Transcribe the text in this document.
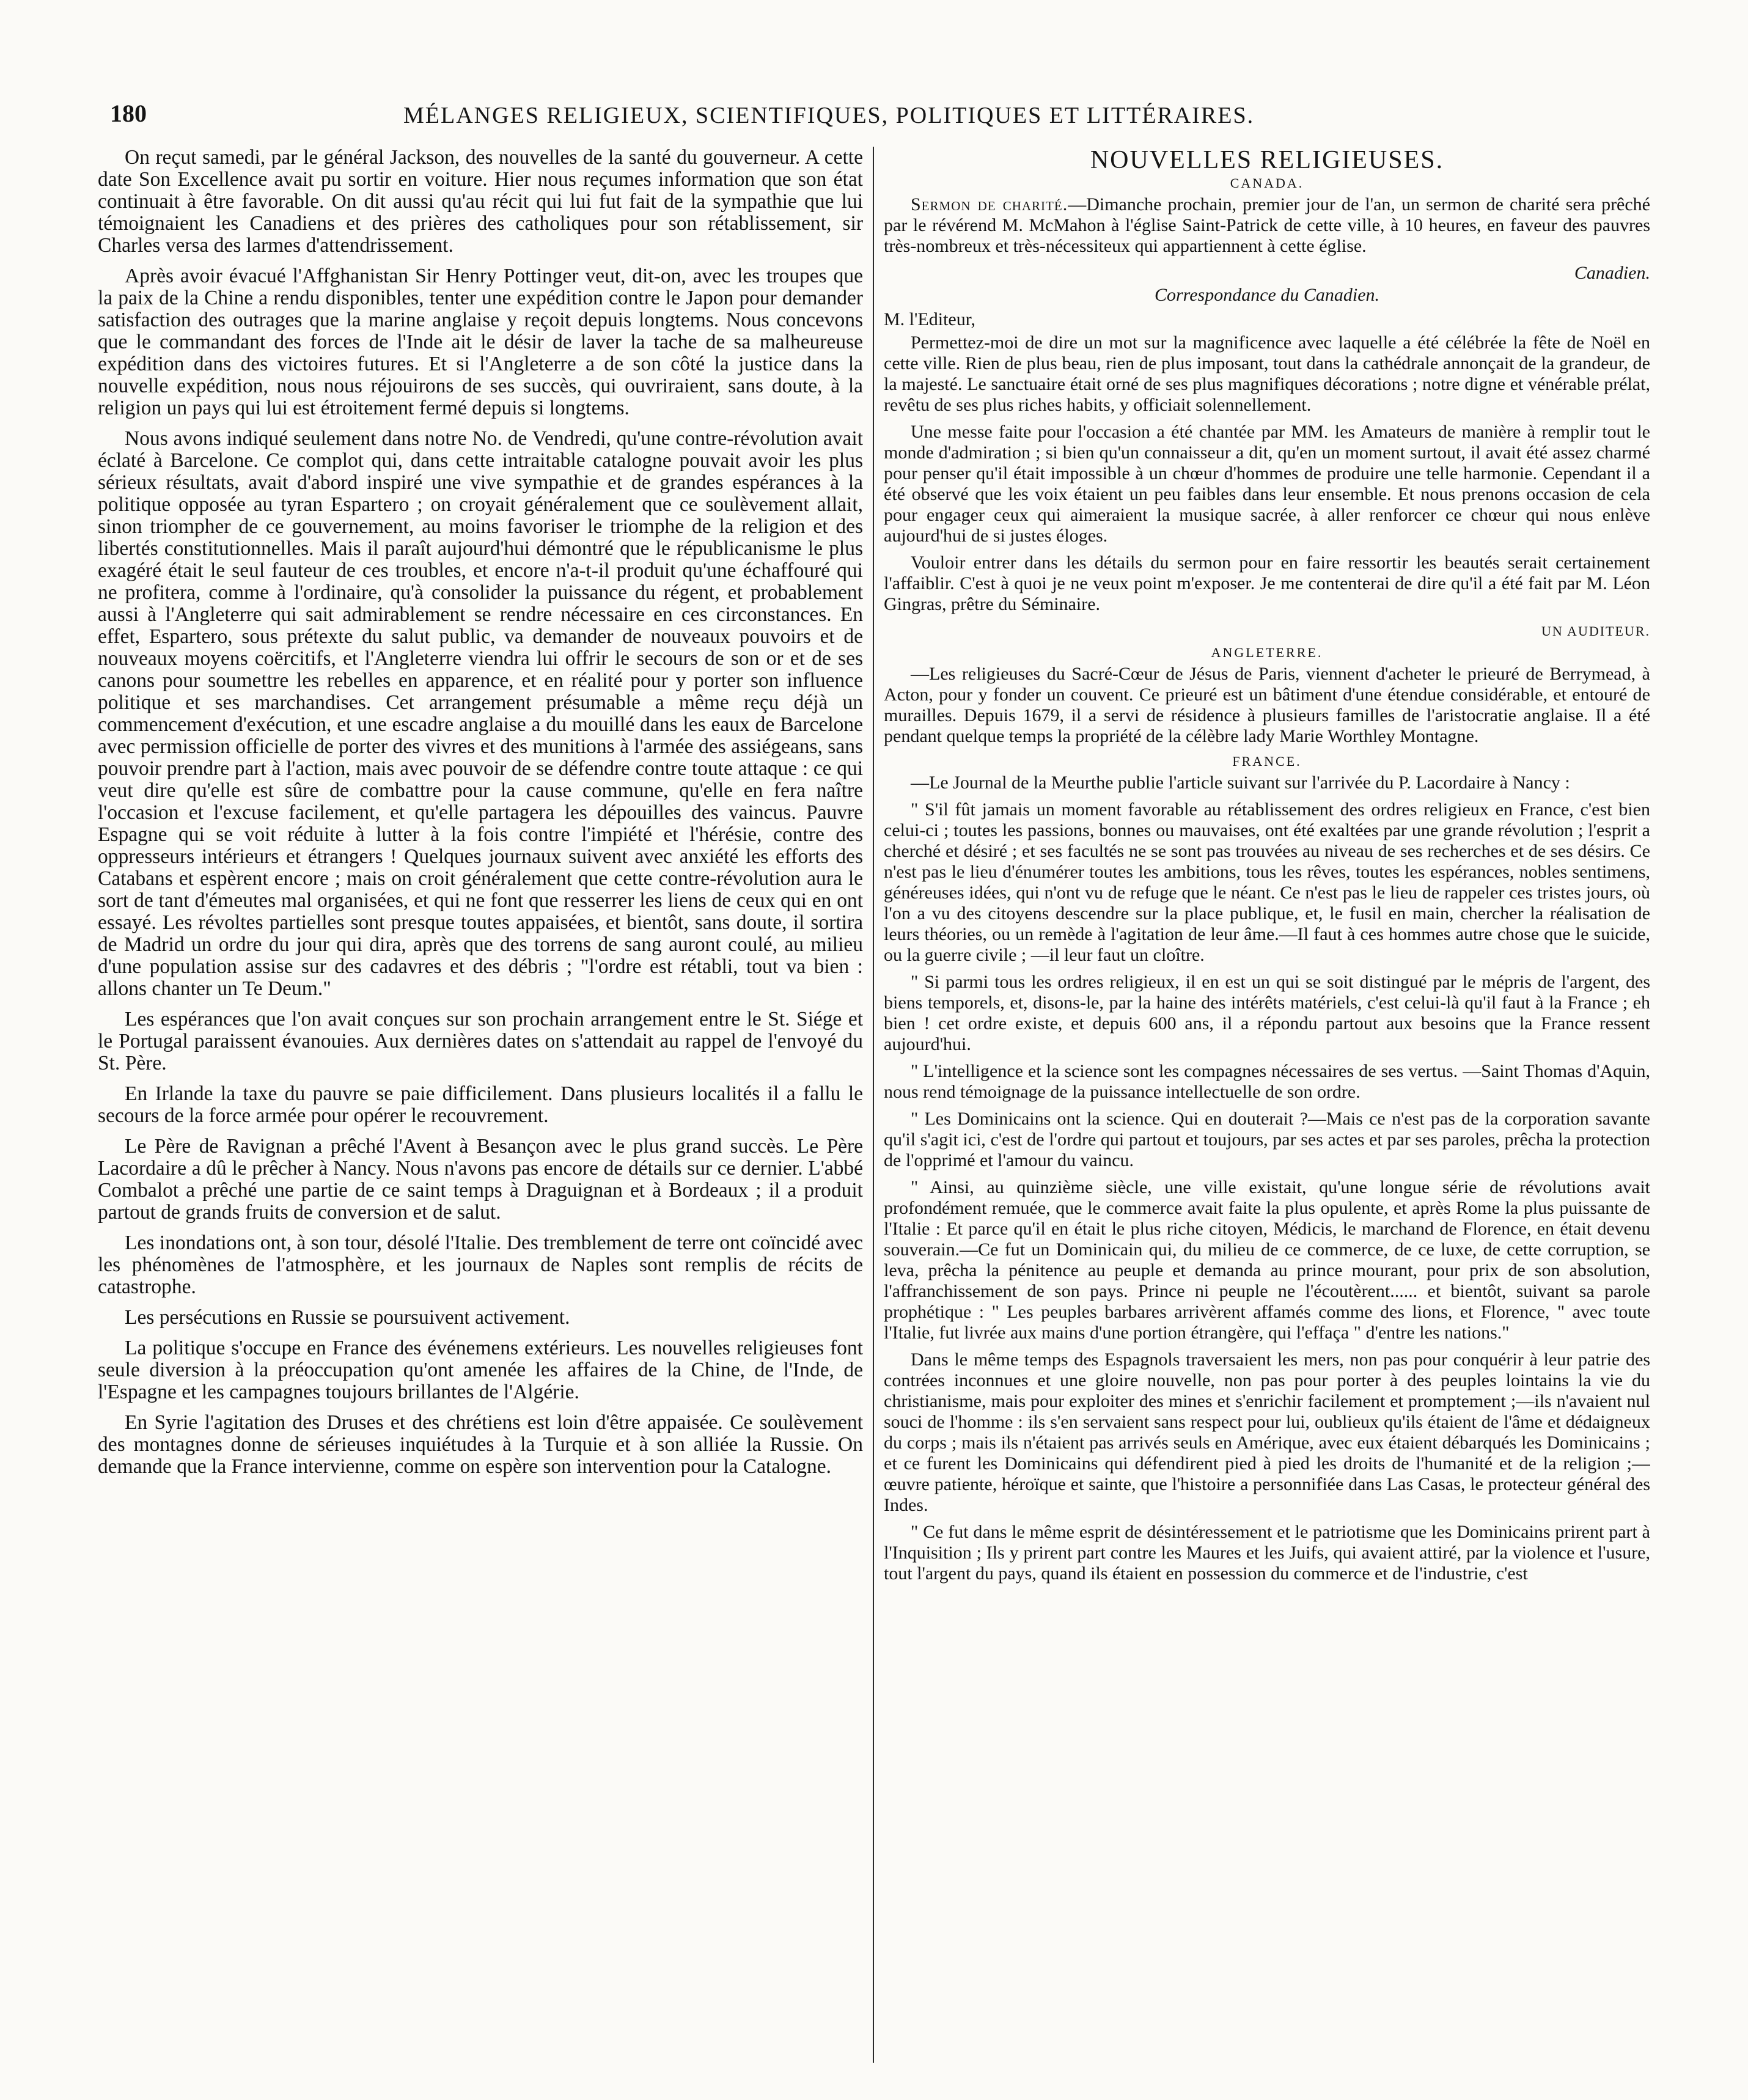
180	MÉLANGES RELIGIEUX, SCIENTIFIQUES, POLITIQUES ET LITTÉRAIRES.

On reçut samedi, par le général Jackson, des nouvelles de la santé du gouverneur. A cette date Son Excellence avait pu sortir en voiture. Hier nous reçumes information que son état continuait à être favorable. On dit aussi qu'au récit qui lui fut fait de la sympathie que lui témoignaient les Canadiens et des prières des catholiques pour son rétablissement, sir Charles versa des larmes d'attendrissement.

Après avoir évacué l'Affghanistan Sir Henry Pottinger veut, dit-on, avec les troupes que la paix de la Chine a rendu disponibles, tenter une expédition contre le Japon pour demander satisfaction des outrages que la marine anglaise y reçoit depuis longtems. Nous concevons que le commandant des forces de l'Inde ait le désir de laver la tache de sa malheureuse expédition dans des victoires futures. Et si l'Angleterre a de son côté la justice dans la nouvelle expédition, nous nous réjouirons de ses succès, qui ouvriraient, sans doute, à la religion un pays qui lui est étroitement fermé depuis si longtems.

Nous avons indiqué seulement dans notre No. de Vendredi, qu'une contre-révolution avait éclaté à Barcelone. Ce complot qui, dans cette intraitable catalogne pouvait avoir les plus sérieux résultats, avait d'abord inspiré une vive sympathie et de grandes espérances à la politique opposée au tyran Espartero ; on croyait généralement que ce soulèvement allait, sinon triompher de ce gouvernement, au moins favoriser le triomphe de la religion et des libertés constitutionnelles. Mais il paraît aujourd'hui démontré que le républicanisme le plus exagéré était le seul fauteur de ces troubles, et encore n'a-t-il produit qu'une échaffouré qui ne profitera, comme à l'ordinaire, qu'à consolider la puissance du régent, et probablement aussi à l'Angleterre qui sait admirablement se rendre nécessaire en ces circonstances. En effet, Espartero, sous prétexte du salut public, va demander de nouveaux pouvoirs et de nouveaux moyens coërcitifs, et l'Angleterre viendra lui offrir le secours de son or et de ses canons pour soumettre les rebelles en apparence, et en réalité pour y porter son influence politique et ses marchandises. Cet arrangement présumable a même reçu déjà un commencement d'exécution, et une escadre anglaise a du mouillé dans les eaux de Barcelone avec permission officielle de porter des vivres et des munitions à l'armée des assiégeans, sans pouvoir prendre part à l'action, mais avec pouvoir de se défendre contre toute attaque : ce qui veut dire qu'elle est sûre de combattre pour la cause commune, qu'elle en fera naître l'occasion et l'excuse facilement, et qu'elle partagera les dépouilles des vaincus. Pauvre Espagne qui se voit réduite à lutter à la fois contre l'impiété et l'hérésie, contre des oppresseurs intérieurs et étrangers ! Quelques journaux suivent avec anxiété les efforts des Catabans et espèrent encore ; mais on croit généralement que cette contre-révolution aura le sort de tant d'émeutes mal organisées, et qui ne font que resserrer les liens de ceux qui en ont essayé. Les révoltes partielles sont presque toutes appaisées, et bientôt, sans doute, il sortira de Madrid un ordre du jour qui dira, après que des torrens de sang auront coulé, au milieu d'une population assise sur des cadavres et des débris ; "l'ordre est rétabli, tout va bien : allons chanter un Te Deum."

Les espérances que l'on avait conçues sur son prochain arrangement entre le St. Siége et le Portugal paraissent évanouies. Aux dernières dates on s'attendait au rappel de l'envoyé du St. Père.

En Irlande la taxe du pauvre se paie difficilement. Dans plusieurs localités il a fallu le secours de la force armée pour opérer le recouvrement.

Le Père de Ravignan a prêché l'Avent à Besançon avec le plus grand succès. Le Père Lacordaire a dû le prêcher à Nancy. Nous n'avons pas encore de détails sur ce dernier. L'abbé Combalot a prêché une partie de ce saint temps à Draguignan et à Bordeaux ; il a produit partout de grands fruits de conversion et de salut.

Les inondations ont, à son tour, désolé l'Italie. Des tremblement de terre ont coïncidé avec les phénomènes de l'atmosphère, et les journaux de Naples sont remplis de récits de catastrophe.

Les persécutions en Russie se poursuivent activement.

La politique s'occupe en France des événemens extérieurs. Les nouvelles religieuses font seule diversion à la préoccupation qu'ont amenée les affaires de la Chine, de l'Inde, de l'Espagne et les campagnes toujours brillantes de l'Algérie.

En Syrie l'agitation des Druses et des chrétiens est loin d'être appaisée. Ce soulèvement des montagnes donne de sérieuses inquiétudes à la Turquie et à son alliée la Russie. On demande que la France intervienne, comme on espère son intervention pour la Catalogne.

NOUVELLES RELIGIEUSES.
CANADA.

Sermon de charité.—Dimanche prochain, premier jour de l'an, un sermon de charité sera prêché par le révérend M. McMahon à l'église Saint-Patrick de cette ville, à 10 heures, en faveur des pauvres très-nombreux et très-nécessiteux qui appartiennent à cette église.

Canadien.
Correspondance du Canadien.
M. l'Editeur,

Permettez-moi de dire un mot sur la magnificence avec laquelle a été célébrée la fête de Noël en cette ville. Rien de plus beau, rien de plus imposant, tout dans la cathédrale annonçait de la grandeur, de la majesté. Le sanctuaire était orné de ses plus magnifiques décorations ; notre digne et vénérable prélat, revêtu de ses plus riches habits, y officiait solennellement.

Une messe faite pour l'occasion a été chantée par MM. les Amateurs de manière à remplir tout le monde d'admiration ; si bien qu'un connaisseur a dit, qu'en un moment surtout, il avait été assez charmé pour penser qu'il était impossible à un chœur d'hommes de produire une telle harmonie. Cependant il a été observé que les voix étaient un peu faibles dans leur ensemble. Et nous prenons occasion de cela pour engager ceux qui aimeraient la musique sacrée, à aller renforcer ce chœur qui nous enlève aujourd'hui de si justes éloges.

Vouloir entrer dans les détails du sermon pour en faire ressortir les beautés serait certainement l'affaiblir. C'est à quoi je ne veux point m'exposer. Je me contenterai de dire qu'il a été fait par M. Léon Gingras, prêtre du Séminaire.

UN AUDITEUR.
ANGLETERRE.

—Les religieuses du Sacré-Cœur de Jésus de Paris, viennent d'acheter le prieuré de Berrymead, à Acton, pour y fonder un couvent. Ce prieuré est un bâtiment d'une étendue considérable, et entouré de murailles. Depuis 1679, il a servi de résidence à plusieurs familles de l'aristocratie anglaise. Il a été pendant quelque temps la propriété de la célèbre lady Marie Worthley Montagne.

FRANCE.

—Le Journal de la Meurthe publie l'article suivant sur l'arrivée du P. Lacordaire à Nancy :

" S'il fût jamais un moment favorable au rétablissement des ordres religieux en France, c'est bien celui-ci ; toutes les passions, bonnes ou mauvaises, ont été exaltées par une grande révolution ; l'esprit a cherché et désiré ; et ses facultés ne se sont pas trouvées au niveau de ses recherches et de ses désirs. Ce n'est pas le lieu d'énumérer toutes les ambitions, tous les rêves, toutes les espérances, nobles sentimens, généreuses idées, qui n'ont vu de refuge que le néant. Ce n'est pas le lieu de rappeler ces tristes jours, où l'on a vu des citoyens descendre sur la place publique, et, le fusil en main, chercher la réalisation de leurs théories, ou un remède à l'agitation de leur âme.—Il faut à ces hommes autre chose que le suicide, ou la guerre civile ; —il leur faut un cloître.

" Si parmi tous les ordres religieux, il en est un qui se soit distingué par le mépris de l'argent, des biens temporels, et, disons-le, par la haine des intérêts matériels, c'est celui-là qu'il faut à la France ; eh bien ! cet ordre existe, et depuis 600 ans, il a répondu partout aux besoins que la France ressent aujourd'hui.

" L'intelligence et la science sont les compagnes nécessaires de ses vertus. —Saint Thomas d'Aquin, nous rend témoignage de la puissance intellectuelle de son ordre.

" Les Dominicains ont la science. Qui en douterait ?—Mais ce n'est pas de la corporation savante qu'il s'agit ici, c'est de l'ordre qui partout et toujours, par ses actes et par ses paroles, prêcha la protection de l'opprimé et l'amour du vaincu.

" Ainsi, au quinzième siècle, une ville existait, qu'une longue série de révolutions avait profondément remuée, que le commerce avait faite la plus opulente, et après Rome la plus puissante de l'Italie : Et parce qu'il en était le plus riche citoyen, Médicis, le marchand de Florence, en était devenu souverain.—Ce fut un Dominicain qui, du milieu de ce commerce, de ce luxe, de cette corruption, se leva, prêcha la pénitence au peuple et demanda au prince mourant, pour prix de son absolution, l'affranchissement de son pays. Prince ni peuple ne l'écoutèrent...... et bientôt, suivant sa parole prophétique : " Les peuples barbares arrivèrent affamés comme des lions, et Florence, " avec toute l'Italie, fut livrée aux mains d'une portion étrangère, qui l'effaça " d'entre les nations."

Dans le même temps des Espagnols traversaient les mers, non pas pour conquérir à leur patrie des contrées inconnues et une gloire nouvelle, non pas pour porter à des peuples lointains la vie du christianisme, mais pour exploiter des mines et s'enrichir facilement et promptement ;—ils n'avaient nul souci de l'homme : ils s'en servaient sans respect pour lui, oublieux qu'ils étaient de l'âme et dédaigneux du corps ; mais ils n'étaient pas arrivés seuls en Amérique, avec eux étaient débarqués les Dominicains ; et ce furent les Dominicains qui défendirent pied à pied les droits de l'humanité et de la religion ;—œuvre patiente, héroïque et sainte, que l'histoire a personnifiée dans Las Casas, le protecteur général des Indes.

" Ce fut dans le même esprit de désintéressement et le patriotisme que les Dominicains prirent part à l'Inquisition ; Ils y prirent part contre les Maures et les Juifs, qui avaient attiré, par la violence et l'usure, tout l'argent du pays, quand ils étaient en possession du commerce et de l'industrie, c'est
